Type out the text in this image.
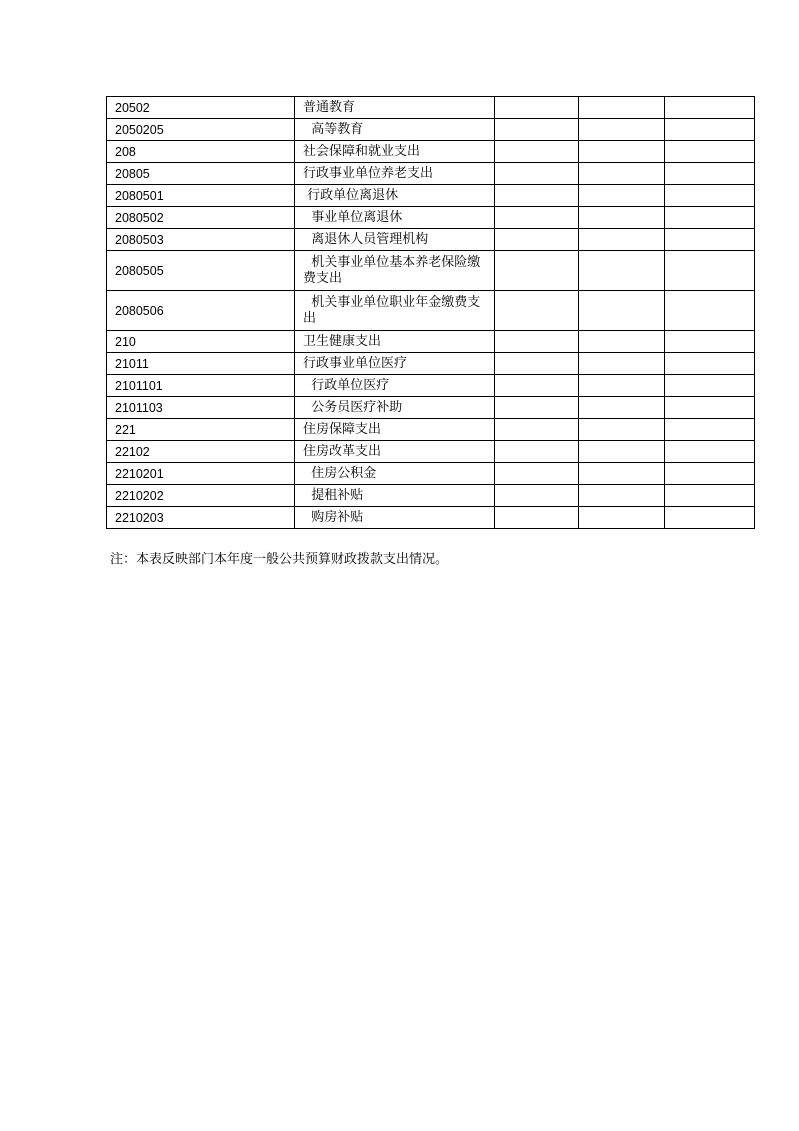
20502	普通教育			
2050205	高等教育			
208	社会保障和就业支出			
20805	行政事业单位养老支出			
2080501	行政单位离退休			
2080502	事业单位离退休			
2080503	离退休人员管理机构			
2080505	机关事业单位基本养老保险缴费支出			
2080506	机关事业单位职业年金缴费支出			
210	卫生健康支出			
21011	行政事业单位医疗			
2101101	行政单位医疗			
2101103	公务员医疗补助			
221	住房保障支出			
22102	住房改革支出			
2210201	住房公积金			
2210202	提租补贴			
2210203	购房补贴			
注：本表反映部门本年度一般公共预算财政拨款支出情况。
